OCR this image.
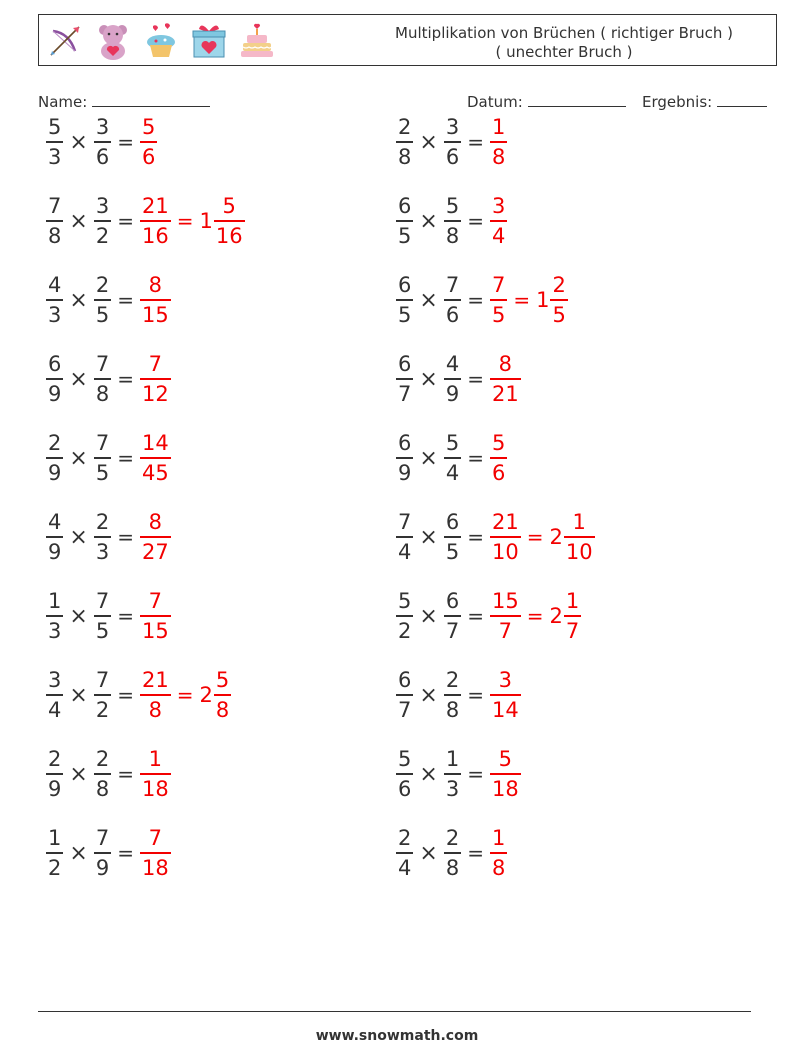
Multiplikation von Brüchen ( richtiger Bruch )
( unechter Bruch )
Name:	Datum:	Ergebnis:
$\frac{5}{3} \times \frac{3}{6} = \frac{5}{6}$	$\frac{2}{8} \times \frac{3}{6} = \frac{1}{8}$
$\frac{7}{8} \times \frac{3}{2} = \frac{21}{16} = 1 \frac{5}{16}$	$\frac{6}{5} \times \frac{5}{8} = \frac{3}{4}$
$\frac{4}{3} \times \frac{2}{5} = \frac{8}{15}$	$\frac{6}{5} \times \frac{7}{6} = \frac{7}{5} = 1 \frac{2}{5}$
$\frac{6}{9} \times \frac{7}{8} = \frac{7}{12}$	$\frac{6}{7} \times \frac{4}{9} = \frac{8}{21}$
$\frac{2}{9} \times \frac{7}{5} = \frac{14}{45}$	$\frac{6}{9} \times \frac{5}{4} = \frac{5}{6}$
$\frac{4}{9} \times \frac{2}{3} = \frac{8}{27}$	$\frac{7}{4} \times \frac{6}{5} = \frac{21}{10} = 2 \frac{1}{10}$
$\frac{1}{3} \times \frac{7}{5} = \frac{7}{15}$	$\frac{5}{2} \times \frac{6}{7} = \frac{15}{7} = 2 \frac{1}{7}$
$\frac{3}{4} \times \frac{7}{2} = \frac{21}{8} = 2 \frac{5}{8}$	$\frac{6}{7} \times \frac{2}{8} = \frac{3}{14}$
$\frac{2}{9} \times \frac{2}{8} = \frac{1}{18}$	$\frac{5}{6} \times \frac{1}{3} = \frac{5}{18}$
$\frac{1}{2} \times \frac{7}{9} = \frac{7}{18}$	$\frac{2}{4} \times \frac{2}{8} = \frac{1}{8}$
www.snowmath.com
